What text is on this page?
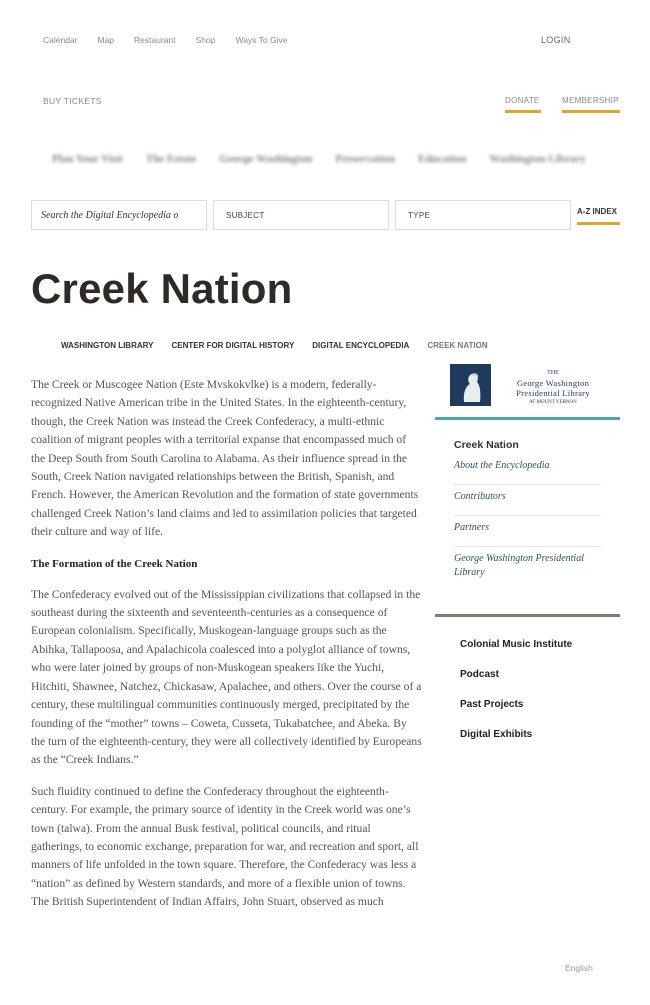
Calendar Map Restaurant Shop Ways To Give	LOGIN
BUY TICKETS	DONATE	MEMBERSHIP
Plan Your Visit The Estate George Washington Preservation Education Washington Library
Search the Digital Encyclopedia o
SUBJECT	TYPE	A-Z INDEX
Creek Nation
WASHINGTON LIBRARY CENTER FOR DIGITAL HISTORY DIGITAL ENCYCLOPEDIA CREEK NATION

The Creek or Muscogee Nation (Este Mvskokvlke) is a modern, federally-recognized Native American tribe in the United States. In the eighteenth-century, though, the Creek Nation was instead the Creek Confederacy, a multi-ethnic coalition of migrant peoples with a territorial expanse that encompassed much of the Deep South from South Carolina to Alabama. As their influence spread in the South, Creek Nation navigated relationships between the British, Spanish, and French. However, the American Revolution and the formation of state governments challenged Creek Nation’s land claims and led to assimilation policies that targeted their culture and way of life.

The Formation of the Creek Nation

The Confederacy evolved out of the Mississippian civilizations that collapsed in the southeast during the sixteenth and seventeenth-centuries as a consequence of European colonialism. Specifically, Muskogean-language groups such as the Abihka, Tallapoosa, and Apalachicola coalesced into a polyglot alliance of towns, who were later joined by groups of non-Muskogean speakers like the Yuchi, Hitchiti, Shawnee, Natchez, Chickasaw, Apalachee, and others. Over the course of a century, these multilingual communities continuously merged, precipitated by the founding of the “mother” towns – Coweta, Cusseta, Tukabatchee, and Abeka. By the turn of the eighteenth-century, they were all collectively identified by Europeans as the “Creek Indians.”

Such fluidity continued to define the Confederacy throughout the eighteenth-century. For example, the primary source of identity in the Creek world was one’s town (talwa). From the annual Busk festival, political councils, and ritual gatherings, to economic exchange, preparation for war, and recreation and sport, all manners of life unfolded in the town square. Therefore, the Confederacy was less a “nation” as defined by Western standards, and more of a flexible union of towns. The British Superintendent of Indian Affairs, John Stuart, observed as much

THE
George Washington
Presidential Library
AT MOUNT VERNON
Creek Nation
About the Encyclopedia
Contributors
Partners
George Washington Presidential Library
Colonial Music Institute
Podcast
Past Projects
Digital Exhibits
English
